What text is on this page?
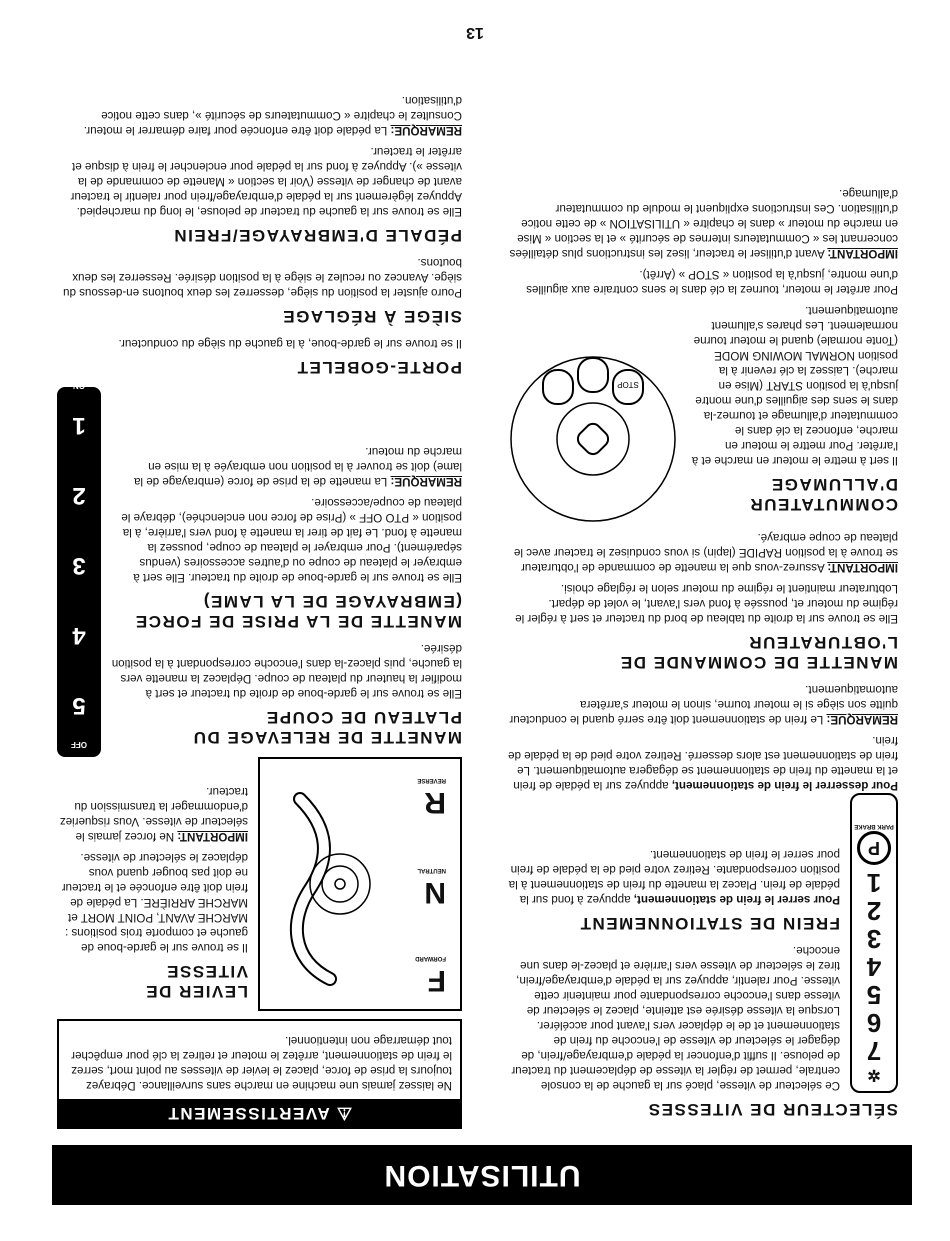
UTILISATION
SÉLECTEUR DE VITESSES
✲
7
6
5
4
3
2
1
P
PARK BRAKE

Ce sélecteur de vitesse, placé sur la gauche de la console centrale, permet de régler la vitesse de déplacement du tracteur de pelouse. Il suffit d'enfoncer la pédale d'embrayage/frein, de dégager le sélecteur de vitesse de l'encoche du frein de stationnement et de le déplacer vers l'avant pour accélérer. Lorsque la vitesse désirée est atteinte, placez le sélecteur de vitesse dans l'encoche correspondante pour maintenir cette vitesse. Pour ralentir, appuyez sur la pédale d'embrayage/frein, tirez le sélecteur de vitesse vers l'arrière et placez-le dans une encoche.

FREIN DE STATIONNEMENT

Pour serrer le frein de stationnement, appuyez à fond sur la pédale de frein. Placez la manette du frein de stationnement à la position correspondante. Retirez votre pied de la pédale de frein pour serrer le frein de stationnement.

Pour desserrer le frein de stationnement, appuyez sur la pédale de frein et la manette du frein de stationnement se dégagera automatiquement. Le frein de stationnement est alors desserré. Retirez votre pied de la pédale de frein.

REMARQUE: Le frein de stationnement doit être serré quand le conducteur quitte son siège si le moteur tourne, sinon le moteur s'arrêtera automatiquement.

MANETTE DE COMMANDE DE
L'OBTURATEUR

Elle se trouve sur la droite du tableau de bord du tracteur et sert à régler le régime du moteur et, poussée à fond vers l'avant, le volet de départ. Lobturateur maintient le régime du moteur selon le réglage choisi.

IMPORTANT: Assurez-vous que la manette de commande de l'obturateur se trouve à la position RAPIDE (lapin) si vous conduisez le tracteur avec le plateau de coupe embrayé.

COMMUTATEUR
D'ALLUMAGE

Il sert à mettre le moteur en marche et à l'arrêter. Pour mettre le moteur en marche, enfoncez la clé dans le commutateur d'allumage et tournez-la dans le sens des aiguilles d'une montre jusqu'à la position START (Mise en marche). Laissez la clé revenir à la position NORMAL MOWING MODE (Tonte normale) quand le moteur tourne normalement. Les phares s'allument automatiquement.

STOP

Pour arrêter le moteur, tournez la clé dans le sens contraire aux aiguilles d'une montre, jusqu'à la position « STOP » (Arrêt).

IMPORTANT: Avant d'utiliser le tracteur, lisez les instructions plus détaillées concernant les « Commutateurs internes de sécurité » et la section « Mise en marche du moteur » dans le chapitre « UTILISATION » de cette notice d'utilisation. Ces instructions expliquent le module du commutateur d'allumage.

⚠ AVERTISSEMENT

Ne laissez jamais une machine en marche sans surveillance. Débrayez toujours la prise de force, placez le levier de vitesses au point mort, serrez le frein de stationnement, arrêtez le moteur et retirez la clé pour empêcher tout démarrage non intentionnel.

F
FORWARD
N
NEUTRAL
R
REVERSE
LEVIER DE VITESSE

Il se trouve sur le garde-boue de gauche et comporte trois positions : MARCHE AVANT, POINT MORT et MARCHE ARRIÈRE. La pédale de frein doit être enfoncée et le tracteur ne doit pas bouger quand vous déplacez le sélecteur de vitesse.

IMPORTANT: Ne forcez jamais le sélecteur de vitesse. Vous risqueriez d'endommager la transmission du tracteur.

MANETTE DE RELEVAGE DU
PLATEAU DE COUPE

Elle se trouve sur le garde-boue de droite du tracteur et sert à modifier la hauteur du plateau de coupe. Déplacez la manette vers la gauche, puis placez-la dans l'encoche correspondant à la position désirée.

MANETTE DE LA PRISE DE FORCE
(EMBRAYAGE DE LA LAME)

Elle se trouve sur le garde-boue de droite du tracteur. Elle sert à embrayer le plateau de coupe ou d'autres accessoires (vendus séparément). Pour embrayer le plateau de coupe, poussez la manette à fond. Le fait de tirer la manette à fond vers l'arrière, à la position « PTO OFF » (Prise de force non enclenchée), débraye le plateau de coupe/accessoire.

REMARQUE: La manette de la prise de force (embrayage de la lame) doit se trouver à la position non embrayée à la mise en marche du moteur.

OFF
5
4
3
2
1
ON
PORTE-GOBELET

Il se trouve sur le garde-boue, à la gauche du siège du conducteur.

SIÈGE À RÉGLAGE

Pouro ajuster la position du siège, desserrez les deux boutons en-dessous du siège. Avancez ou reculez le siège à la position désirée. Resserrez les deux boutons.

PÉDALE D'EMBRAYAGE/FREIN

Elle se trouve sur la gauche du tracteur de pelouse, le long du marchepied. Appuyez légèrement sur la pédale d'embrayage/frein pour ralentir le tracteur avant de changer de vitesse (Voir la section « Manette de commande de la vitesse »). Appuyez à fond sur la pédale pour enclencher le frein à disque et arrêter le tracteur.

REMARQUE: La pédale doit être enfoncée pour faire démarrer le moteur. Consultez le chapitre « Commutateurs de sécurité », dans cette notice d'utilisation.

13
